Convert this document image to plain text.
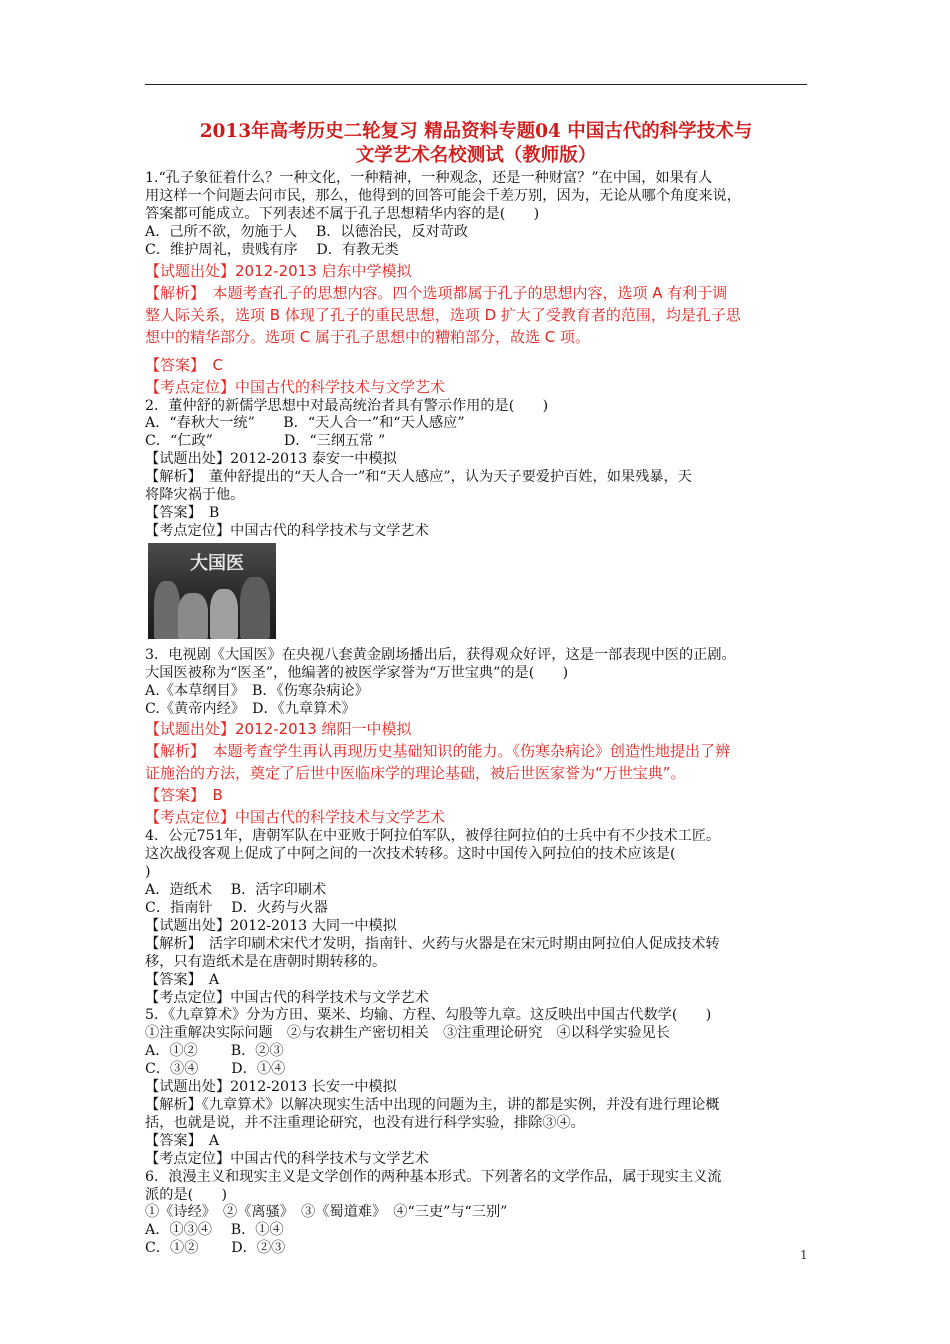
2013年高考历史二轮复习 精品资料专题04 中国古代的科学技术与
文学艺术名校测试（教师版）

1.“孔子象征着什么？一种文化，一种精神，一种观念，还是一种财富？”在中国，如果有人

用这样一个问题去问市民，那么，他得到的回答可能会千差万别，因为，无论从哪个角度来说，

答案都可能成立。下列表述不属于孔子思想精华内容的是(　　)

A．己所不欲，勿施于人　 B．以德治民，反对苛政

C．维护周礼，贵贱有序　 D．有教无类

【试题出处】2012-2013 启东中学模拟

【解析】　本题考查孔子的思想内容。四个选项都属于孔子的思想内容，选项 A 有利于调

整人际关系，选项 B 体现了孔子的重民思想，选项 D 扩大了受教育者的范围，均是孔子思

想中的精华部分。选项 C 属于孔子思想中的糟粕部分，故选 C 项。

【答案】　C

【考点定位】中国古代的科学技术与文学艺术

2．董仲舒的新儒学思想中对最高统治者具有警示作用的是(　　)

A．“春秋大一统”　　B．“天人合一”和“天人感应”

C．“仁政”　　　　　D．“三纲五常 ”

【试题出处】2012-2013 泰安一中模拟

【解析】　董仲舒提出的“天人合一”和“天人感应”，认为天子要爱护百姓，如果残暴，天

将降灾祸于他。

【答案】　B

【考点定位】中国古代的科学技术与文学艺术

大国医

3．电视剧《大国医》在央视八套黄金剧场播出后，获得观众好评，这是一部表现中医的正剧。

大国医被称为“医圣”，他编著的被医学家誉为“万世宝典”的是(　　)

A.《本草纲目》　B．《伤寒杂病论》

C.《黄帝内经》　D．《九章算术》

【试题出处】2012-2013 绵阳一中模拟

【解析】　本题考查学生再认再现历史基础知识的能力。《伤寒杂病论》创造性地提出了辨

证施治的方法，奠定了后世中医临床学的理论基础，被后世医家誉为“万世宝典”。

【答案】　B

【考点定位】中国古代的科学技术与文学艺术

4．公元751年，唐朝军队在中亚败于阿拉伯军队，被俘往阿拉伯的士兵中有不少技术工匠。

这次战役客观上促成了中阿之间的一次技术转移。这时中国传入阿拉伯的技术应该是(

)

A．造纸术　 B．活字印刷术

C．指南针　 D．火药与火器

【试题出处】2012-2013 大同一中模拟

【解析】　活字印刷术宋代才发明，指南针、火药与火器是在宋元时期由阿拉伯人促成技术转

移，只有造纸术是在唐朝时期转移的。

【答案】　A

【考点定位】中国古代的科学技术与文学艺术

5．《九章算术》分为方田、粟米、均输、方程、勾股等九章。这反映出中国古代数学(　　)

①注重解决实际问题　②与农耕生产密切相关　③注重理论研究　④以科学实验见长

A．①②　　 B．②③

C．③④　　 D．①④

【试题出处】2012-2013 长安一中模拟

【解析】《九章算术》以解决现实生活中出现的问题为主，讲的都是实例，并没有进行理论概

括，也就是说，并不注重理论研究，也没有进行科学实验，排除③④。

【答案】　A

【考点定位】中国古代的科学技术与文学艺术

6．浪漫主义和现实主义是文学创作的两种基本形式。下列著名的文学作品，属于现实主义流

派的是(　　)

①《诗经》　②《离骚》　③《蜀道难》　④“三吏”与“三别”

A．①③④　 B．①④

C．①②　　 D．②③	1
